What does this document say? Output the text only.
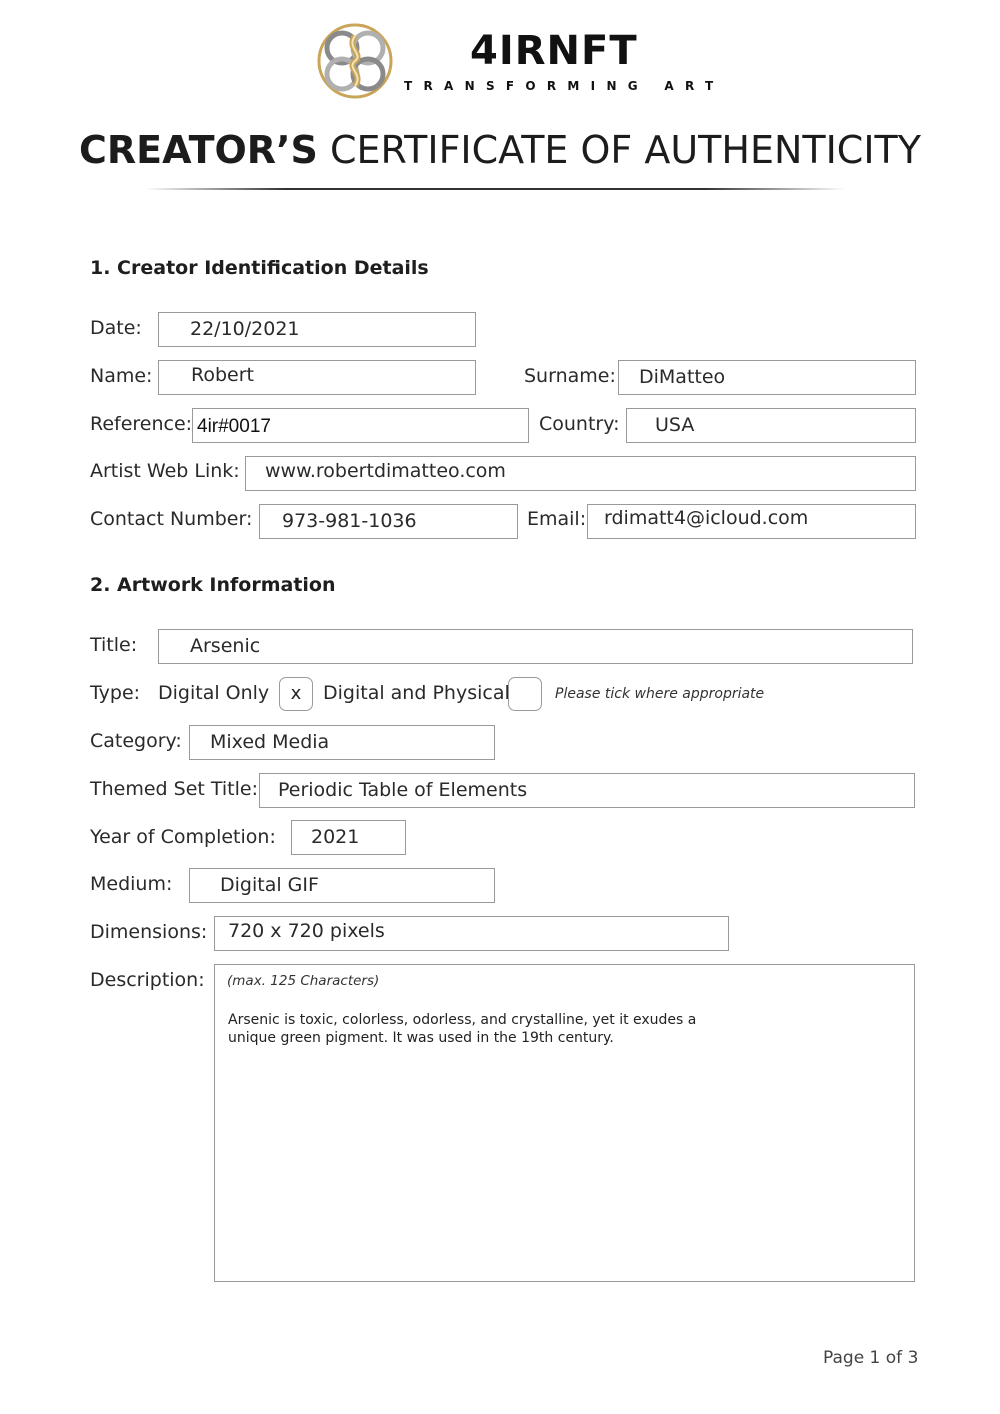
4IRNFT
TRANSFORMING ART
CREATOR’S CERTIFICATE OF AUTHENTICITY
1. Creator Identification Details
Date:	22/10/2021
Name: Robert	Surname: DiMatteo
Reference: 4ir#0017	Country: USA
Artist Web Link: www.robertdimatteo.com
Contact Number: 973-981-1036	Email: rdimatt4@icloud.com
2. Artwork Information
Title:	Arsenic
Type: Digital Only	x	Digital and Physical	Please tick where appropriate
Category: Mixed Media
Themed Set Title: Periodic Table of Elements
Year of Completion: 2021
Medium:	Digital GIF
Dimensions: 720 x 720 pixels
Description: (max. 125 Characters)
Arsenic is toxic, colorless, odorless, and crystalline, yet it exudes a unique green pigment. It was used in the 19th century.
Page 1 of 3
